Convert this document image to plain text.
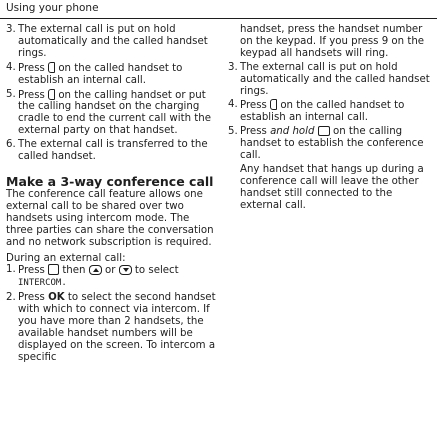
Using your phone
3. The external call is put on hold automatically and the called handset rings.
4. Press on the called handset to establish an internal call.
5. Press on the calling handset or put the calling handset on the charging cradle to end the current call with the external party on that handset.
6. The external call is transferred to the called handset.
Make a 3-way conference call

The conference call feature allows one external call to be shared over two handsets using intercom mode. The three parties can share the conversation and no network subscription is required.

During an external call:

1. Press then or to select INTERCOM.
2. Press OK to select the second handset with which to connect via intercom. If you have more than 2 handsets, the available handset numbers will be displayed on the screen. To intercom a specific

handset, press the handset number on the keypad. If you press 9 on the keypad all handsets will ring.

3. The external call is put on hold automatically and the called handset rings.
4. Press on the called handset to establish an internal call.
5. Press and hold on the calling handset to establish the conference call.

Any handset that hangs up during a conference call will leave the other handset still connected to the external call.
